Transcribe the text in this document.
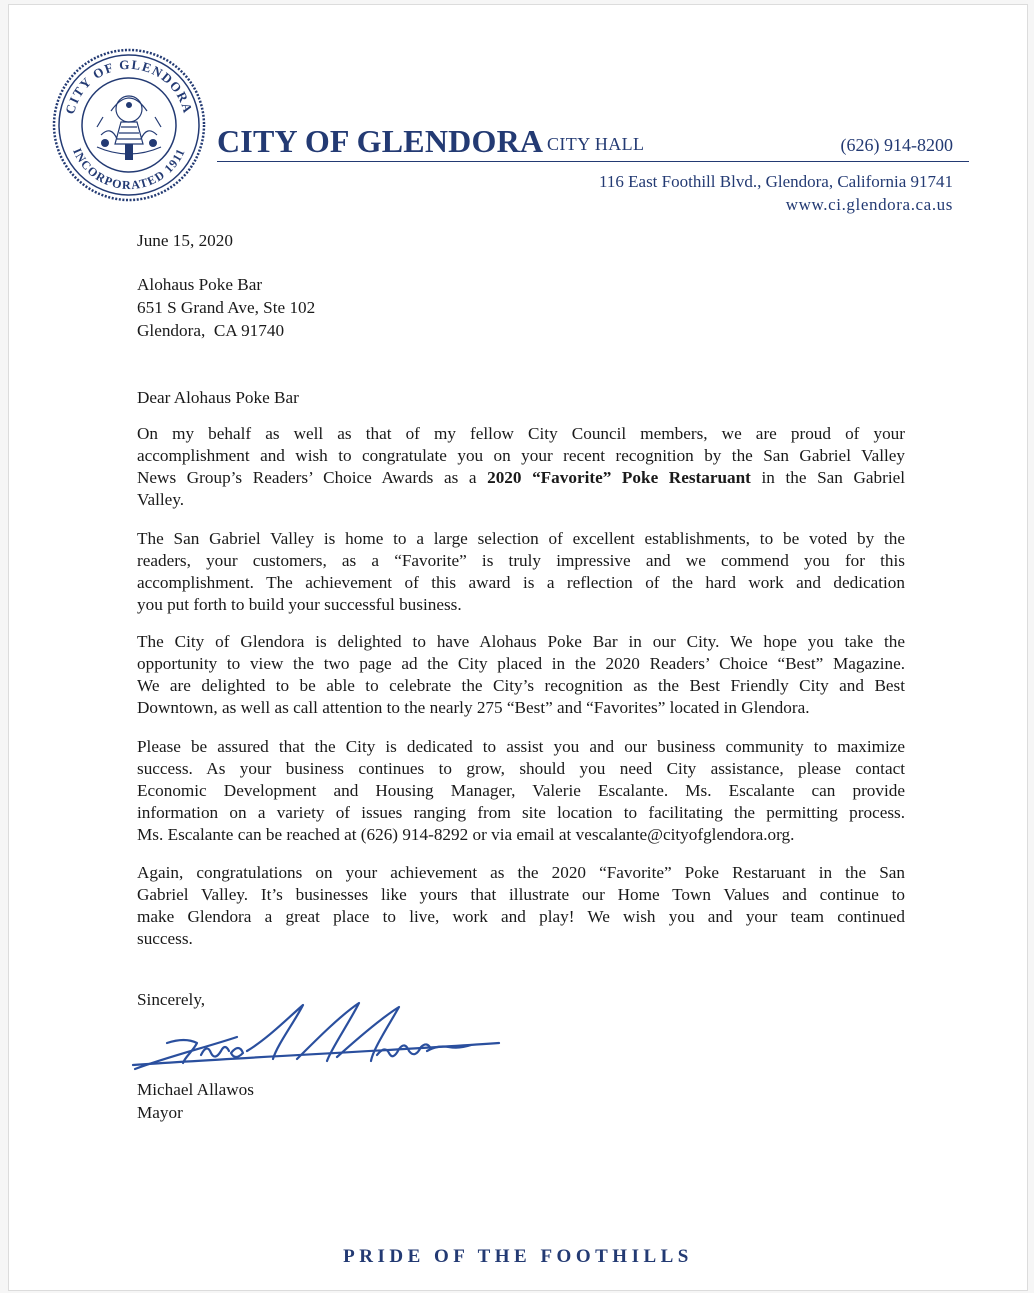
CITY OF GLENDORA
INCORPORATED 1911 CITY OF GLENDORA CITY HALL	(626) 914-8200
116 East Foothill Blvd., Glendora, California 91741
www.ci.glendora.ca.us
June 15, 2020
Alohaus Poke Bar
651 S Grand Ave, Ste 102
Glendora,  CA 91740
Dear Alohaus Poke Bar
On my behalf as well as that of my fellow City Council members, we are proud of your
accomplishment and wish to congratulate you on your recent recognition by the San Gabriel Valley
News Group’s Readers’ Choice Awards as a 2020 “Favorite” Poke Restaruant in the San Gabriel
Valley.
The San Gabriel Valley is home to a large selection of excellent establishments, to be voted by the
readers, your customers, as a “Favorite” is truly impressive and we commend you for this
accomplishment. The achievement of this award is a reflection of the hard work and dedication
you put forth to build your successful business.
The City of Glendora is delighted to have Alohaus Poke Bar in our City. We hope you take the
opportunity to view the two page ad the City placed in the 2020 Readers’ Choice “Best” Magazine.
We are delighted to be able to celebrate the City’s recognition as the Best Friendly City and Best
Downtown, as well as call attention to the nearly 275 “Best” and “Favorites” located in Glendora.
Please be assured that the City is dedicated to assist you and our business community to maximize
success. As your business continues to grow, should you need City assistance, please contact
Economic Development and Housing Manager, Valerie Escalante. Ms. Escalante can provide
information on a variety of issues ranging from site location to facilitating the permitting process.
Ms. Escalante can be reached at (626) 914-8292 or via email at vescalante@cityofglendora.org.
Again, congratulations on your achievement as the 2020 “Favorite” Poke Restaruant in the San
Gabriel Valley. It’s businesses like yours that illustrate our Home Town Values and continue to
make Glendora a great place to live, work and play! We wish you and your team continued
success.
Sincerely,
Michael Allawos
Mayor
PRIDE OF THE FOOTHILLS
